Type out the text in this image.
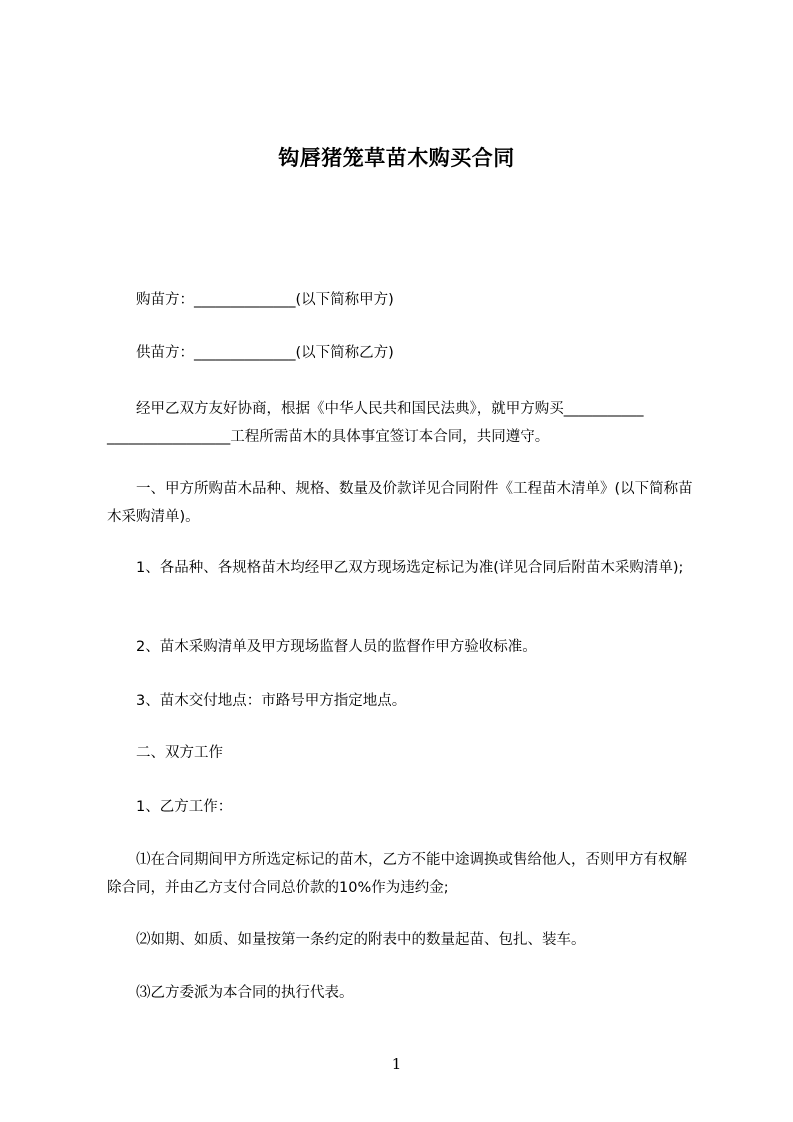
钩唇猪笼草苗木购买合同

　　购苗方：______________(以下简称甲方)

　　供苗方：______________(以下简称乙方)

　　经甲乙双方友好协商，根据《中华人民共和国民法典》，就甲方购买___________
_________________工程所需苗木的具体事宜签订本合同，共同遵守。

　　一、甲方所购苗木品种、规格、数量及价款详见合同附件《工程苗木清单》(以下简称苗木采购清单)。

　　1、各品种、各规格苗木均经甲乙双方现场选定标记为准(详见合同后附苗木采购清单);

　　2、苗木采购清单及甲方现场监督人员的监督作甲方验收标准。

　　3、苗木交付地点：市路号甲方指定地点。

　　二、双方工作

　　1、乙方工作：

　　⑴在合同期间甲方所选定标记的苗木，乙方不能中途调换或售给他人，否则甲方有权解除合同，并由乙方支付合同总价款的10%作为违约金;

　　⑵如期、如质、如量按第一条约定的附表中的数量起苗、包扎、装车。

　　⑶乙方委派为本合同的执行代表。

1
